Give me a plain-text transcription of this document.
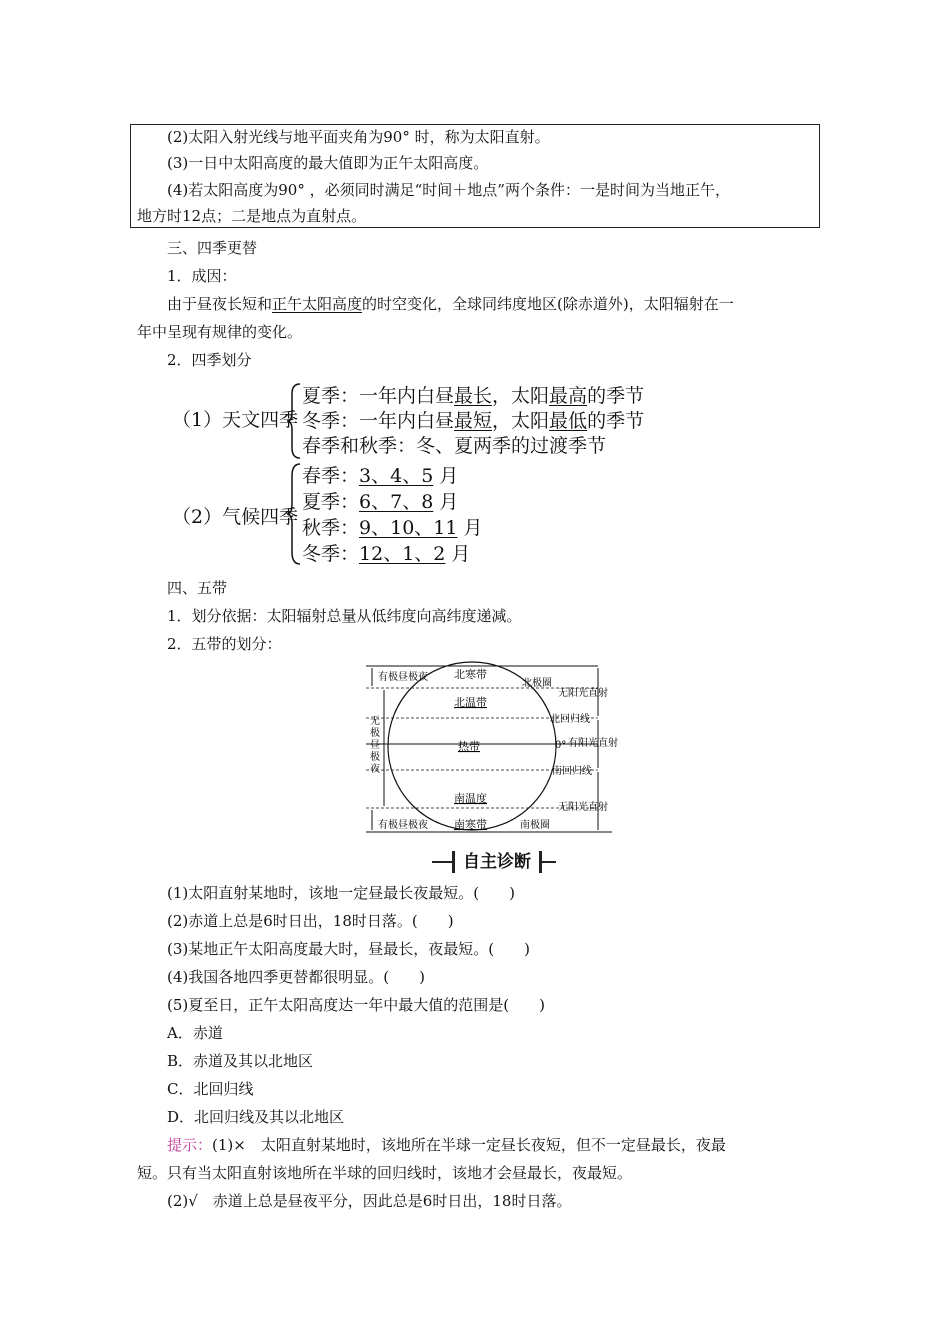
(2)太阳入射光线与地平面夹角为90° 时，称为太阳直射。
(3)一日中太阳高度的最大值即为正午太阳高度。
(4)若太阳高度为90° ，必须同时满足“时间＋地点”两个条件：一是时间为当地正午，
地方时12点；二是地点为直射点。
三、四季更替
1．成因：
由于昼夜长短和正午太阳高度的时空变化，全球同纬度地区(除赤道外)，太阳辐射在一
年中呈现有规律的变化。
2．四季划分
（1）天文四季
夏季：一年内白昼最长，太阳最高的季节
冬季：一年内白昼最短，太阳最低的季节
春季和秋季：冬、夏两季的过渡季节
（2）气候四季
春季：3、4、5 月
夏季：6、7、8 月
秋季：9、10、11 月
冬季：12、1、2 月
四、五带
1．划分依据：太阳辐射总量从低纬度向高纬度递减。
2．五带的划分：
有极昼极夜
有极昼极夜
北寒带
北温带
热带
南温度
南寒带
北极圈
南极圈
无阳光直射
北回归线
0° 有阳光直射
南回归线
无阳光直射
无
极
昼
极
夜
自主诊断
(1)太阳直射某地时，该地一定昼最长夜最短。(　　)
(2)赤道上总是6时日出，18时日落。(　　)
(3)某地正午太阳高度最大时，昼最长，夜最短。(　　)
(4)我国各地四季更替都很明显。(　　)
(5)夏至日，正午太阳高度达一年中最大值的范围是(　　)
A．赤道
B．赤道及其以北地区
C．北回归线
D．北回归线及其以北地区
提示：(1)×　太阳直射某地时，该地所在半球一定昼长夜短，但不一定昼最长，夜最
短。只有当太阳直射该地所在半球的回归线时，该地才会昼最长，夜最短。
(2)√　赤道上总是昼夜平分，因此总是6时日出，18时日落。
